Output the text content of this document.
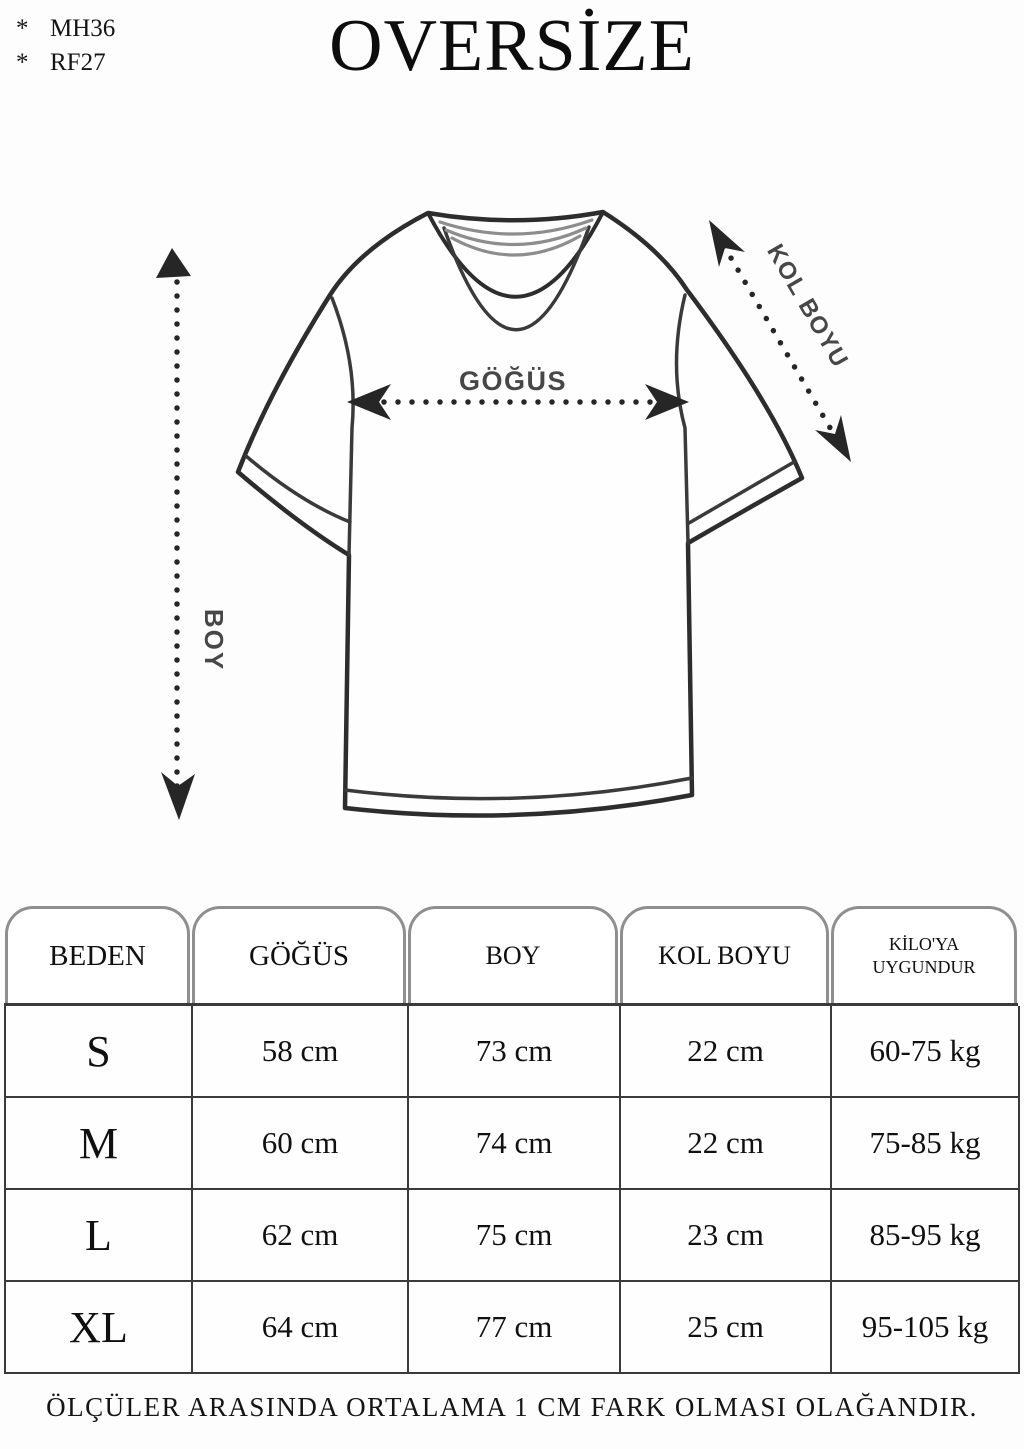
* MH36
* RF27	OVERSİZE
BOY
GÖĞÜS
KOL BOYU
BEDEN	GÖĞÜS	BOY	KOL BOYU	KİLO'YA UYGUNDUR
S	58 cm	73 cm	22 cm	60-75 kg
M	60 cm	74 cm	22 cm	75-85 kg
L	62 cm	75 cm	23 cm	85-95 kg
XL	64 cm	77 cm	25 cm	95-105 kg
ÖLÇÜLER ARASINDA ORTALAMA 1 CM FARK OLMASI OLAĞANDIR.
